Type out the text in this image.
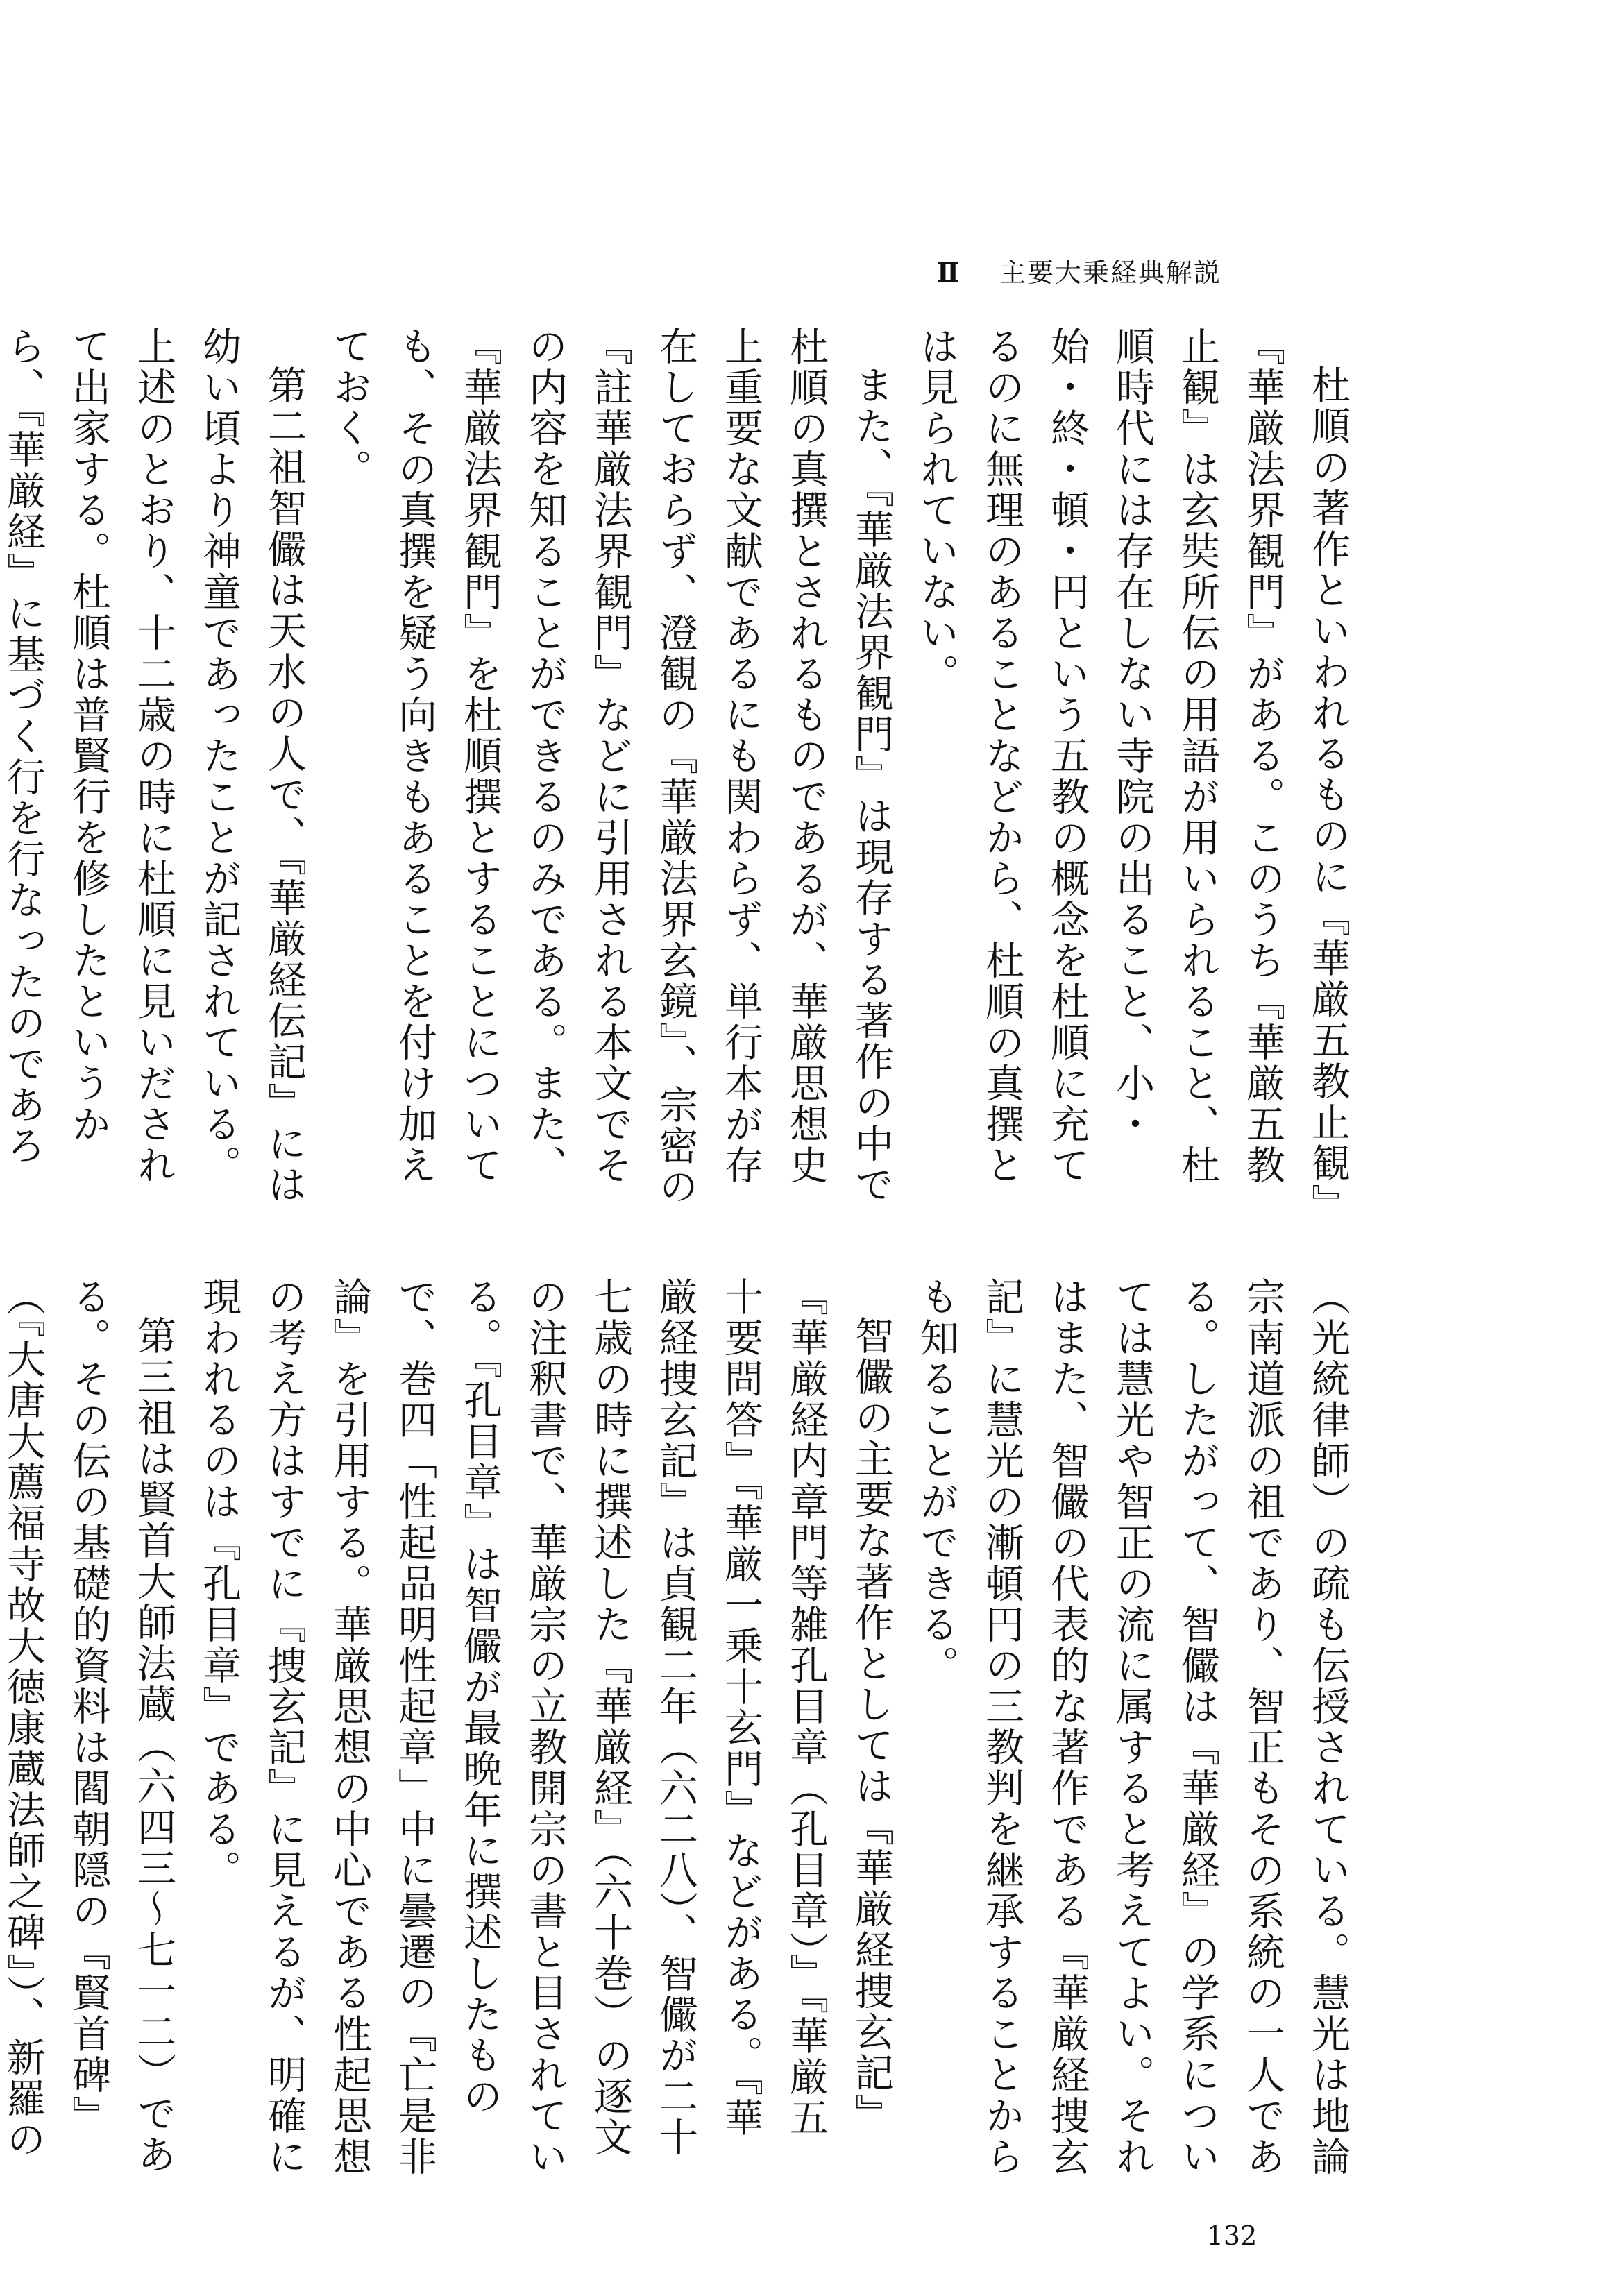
Ⅱ 主要大乗経典解説

杜順の著作といわれるものに『華厳五教止観』『華厳法界観門』がある。このうち『華厳五教止観』は玄奘所伝の用語が用いられること、杜順時代には存在しない寺院の出ること、小・始・終・頓・円という五教の概念を杜順に充てるのに無理のあることなどから、杜順の真撰とは見られていない。

また、『華厳法界観門』は現存する著作の中で杜順の真撰とされるものであるが、華厳思想史上重要な文献であるにも関わらず、単行本が存在しておらず、澄観の『華厳法界玄鏡』、宗密の『註華厳法界観門』などに引用される本文でその内容を知ることができるのみである。また、『華厳法界観門』を杜順撰とすることについても、その真撰を疑う向きもあることを付け加えておく。

第二祖智儼は天水の人で、『華厳経伝記』には幼い頃より神童であったことが記されている。上述のとおり、十二歳の時に杜順に見いだされて出家する。杜順は普賢行を修したというから、『華厳経』に基づく行を行なったのであろ

（光統律師）の疏も伝授されている。慧光は地論宗南道派の祖であり、智正もその系統の一人である。したがって、智儼は『華厳経』の学系については慧光や智正の流に属すると考えてよい。それはまた、智儼の代表的な著作である『華厳経捜玄記』に慧光の漸頓円の三教判を継承することからも知ることができる。

智儼の主要な著作としては『華厳経捜玄記』『華厳経内章門等雑孔目章（孔目章）』『華厳五十要問答』『華厳一乗十玄門』などがある。『華厳経捜玄記』は貞観二年（六二八）、智儼が二十七歳の時に撰述した『華厳経』（六十巻）の逐文の注釈書で、華厳宗の立教開宗の書と目されている。『孔目章』は智儼が最晩年に撰述したもので、巻四「性起品明性起章」中に曇遷の『亡是非論』を引用する。華厳思想の中心である性起思想の考え方はすでに『捜玄記』に見えるが、明確に現われるのは『孔目章』である。

第三祖は賢首大師法蔵（六四三〜七一二）である。その伝の基礎的資料は閻朝隠の『賢首碑』（『大唐大薦福寺故大徳康蔵法師之碑』）、新羅の

132
